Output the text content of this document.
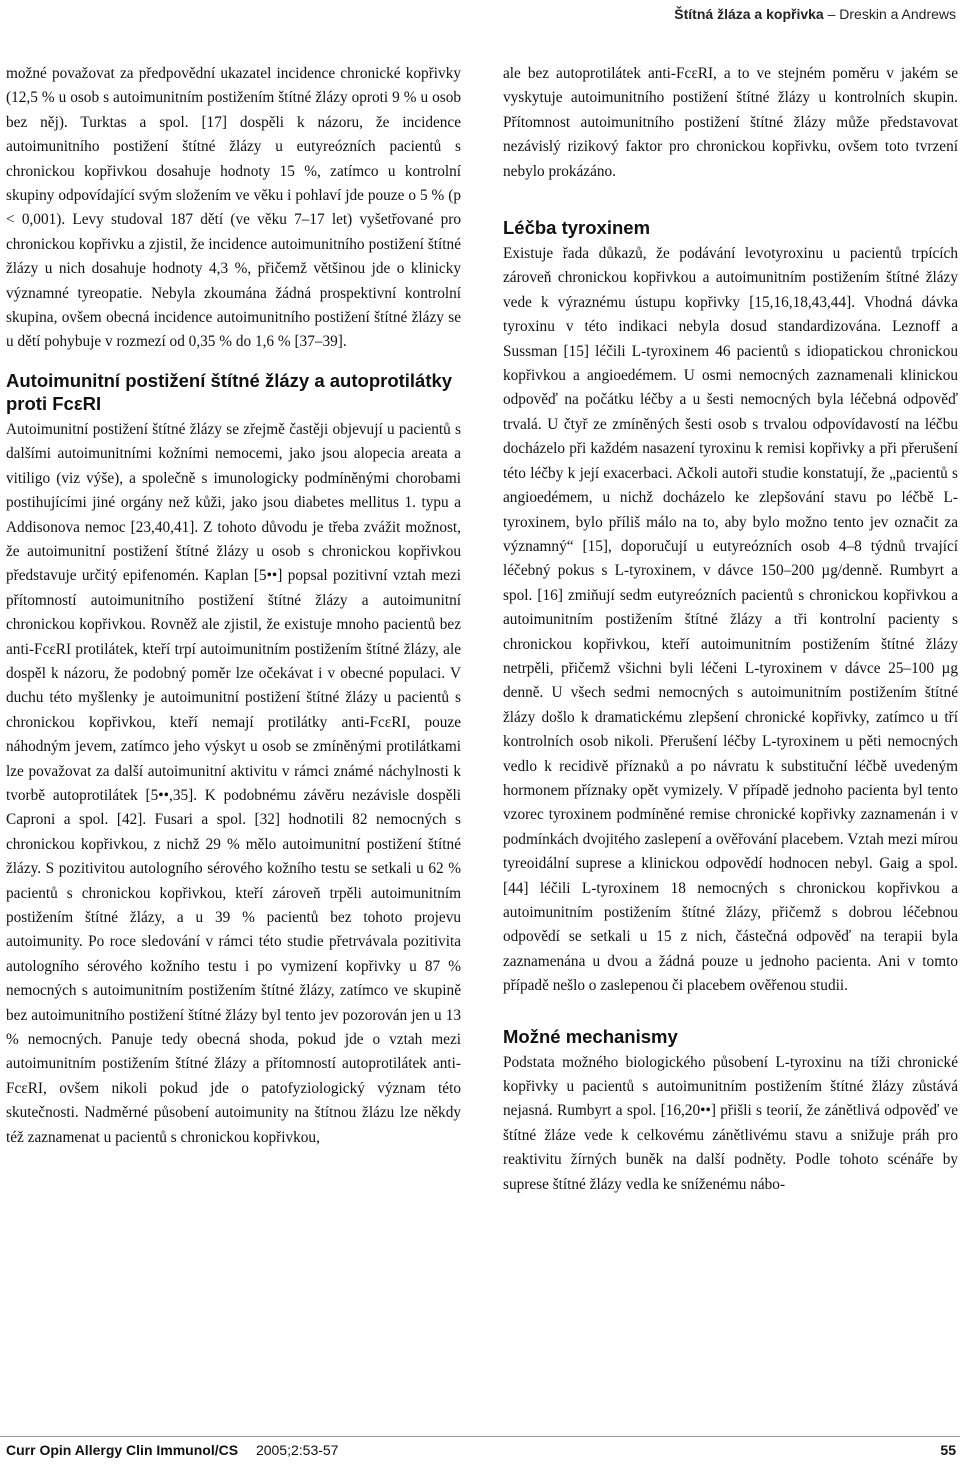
Štítná žláza a kopřivka – Dreskin a Andrews

možné považovat za předpovědní ukazatel incidence chronické kopřivky (12,5 % u osob s autoimunitním postižením štítné žlázy oproti 9 % u osob bez něj). Turktas a spol. [17] dospěli k názoru, že incidence autoimunitního postižení štítné žlázy u eutyreózních pacientů s chronickou kopřivkou dosahuje hodnoty 15 %, zatímco u kontrolní skupiny odpovídající svým složením ve věku i pohlaví jde pouze o 5 % (p < 0,001). Levy studoval 187 dětí (ve věku 7–17 let) vyšetřované pro chronickou kopřivku a zjistil, že incidence autoimunitního postižení štítné žlázy u nich dosahuje hodnoty 4,3 %, přičemž většinou jde o klinicky významné tyreopatie. Nebyla zkoumána žádná prospektivní kontrolní skupina, ovšem obecná incidence autoimunitního postižení štítné žlázy se u dětí pohybuje v rozmezí od 0,35 % do 1,6 % [37–39].

Autoimunitní postižení štítné žlázy a autoprotilátky proti FcεRI

Autoimunitní postižení štítné žlázy se zřejmě častěji objevují u pacientů s dalšími autoimunitními kožními nemocemi, jako jsou alopecia areata a vitiligo (viz výše), a společně s imunologicky podmíněnými chorobami postihujícími jiné orgány než kůži, jako jsou diabetes mellitus 1. typu a Addisonova nemoc [23,40,41]. Z tohoto důvodu je třeba zvážit možnost, že autoimunitní postižení štítné žlázy u osob s chronickou kopřivkou představuje určitý epifenomén. Kaplan [5••] popsal pozitivní vztah mezi přítomností autoimunitního postižení štítné žlázy a autoimunitní chronickou kopřivkou. Rovněž ale zjistil, že existuje mnoho pacientů bez anti-FcεRI protilátek, kteří trpí autoimunitním postižením štítné žlázy, ale dospěl k názoru, že podobný poměr lze očekávat i v obecné populaci. V duchu této myšlenky je autoimunitní postižení štítné žlázy u pacientů s chronickou kopřivkou, kteří nemají protilátky anti-FcεRI, pouze náhodným jevem, zatímco jeho výskyt u osob se zmíněnými protilátkami lze považovat za další autoimunitní aktivitu v rámci známé náchylnosti k tvorbě autoprotilátek [5••,35]. K podobnému závěru nezávisle dospěli Caproni a spol. [42]. Fusari a spol. [32] hodnotili 82 nemocných s chronickou kopřivkou, z nichž 29 % mělo autoimunitní postižení štítné žlázy. S pozitivitou autologního sérového kožního testu se setkali u 62 % pacientů s chronickou kopřivkou, kteří zároveň trpěli autoimunitním postižením štítné žlázy, a u 39 % pacientů bez tohoto projevu autoimunity. Po roce sledování v rámci této studie přetrvávala pozitivita autologního sérového kožního testu i po vymizení kopřivky u 87 % nemocných s autoimunitním postižením štítné žlázy, zatímco ve skupině bez autoimunitního postižení štítné žlázy byl tento jev pozorován jen u 13 % nemocných. Panuje tedy obecná shoda, pokud jde o vztah mezi autoimunitním postižením štítné žlázy a přítomností autoprotilátek anti-FcεRI, ovšem nikoli pokud jde o patofyziologický význam této skutečnosti. Nadměrné působení autoimunity na štítnou žlázu lze někdy též zaznamenat u pacientů s chronickou kopřivkou,

ale bez autoprotilátek anti-FcεRI, a to ve stejném poměru v jakém se vyskytuje autoimunitního postižení štítné žlázy u kontrolních skupin. Přítomnost autoimunitního postižení štítné žlázy může představovat nezávislý rizikový faktor pro chronickou kopřivku, ovšem toto tvrzení nebylo prokázáno.

Léčba tyroxinem

Existuje řada důkazů, že podávání levotyroxinu u pacientů trpících zároveň chronickou kopřivkou a autoimunitním postižením štítné žlázy vede k výraznému ústupu kopřivky [15,16,18,43,44]. Vhodná dávka tyroxinu v této indikaci nebyla dosud standardizována. Leznoff a Sussman [15] léčili L-tyroxinem 46 pacientů s idiopatickou chronickou kopřivkou a angioedémem. U osmi nemocných zaznamenali klinickou odpověď na počátku léčby a u šesti nemocných byla léčebná odpověď trvalá. U čtyř ze zmíněných šesti osob s trvalou odpovídavostí na léčbu docházelo při každém nasazení tyroxinu k remisi kopřivky a při přerušení této léčby k její exacerbaci. Ačkoli autoři studie konstatují, že „pacientů s angioedémem, u nichž docházelo ke zlepšování stavu po léčbě L-tyroxinem, bylo příliš málo na to, aby bylo možno tento jev označit za významný“ [15], doporučují u eutyreózních osob 4–8 týdnů trvající léčebný pokus s L-tyroxinem, v dávce 150–200 µg/denně. Rumbyrt a spol. [16] zmiňují sedm eutyreózních pacientů s chronickou kopřivkou a autoimunitním postižením štítné žlázy a tři kontrolní pacienty s chronickou kopřivkou, kteří autoimunitním postižením štítné žlázy netrpěli, přičemž všichni byli léčeni L-tyroxinem v dávce 25–100 µg denně. U všech sedmi nemocných s autoimunitním postižením štítné žlázy došlo k dramatickému zlepšení chronické kopřivky, zatímco u tří kontrolních osob nikoli. Přerušení léčby L-tyroxinem u pěti nemocných vedlo k recidivě příznaků a po návratu k substituční léčbě uvedeným hormonem příznaky opět vymizely. V případě jednoho pacienta byl tento vzorec tyroxinem podmíněné remise chronické kopřivky zaznamenán i v podmínkách dvojitého zaslepení a ověřování placebem. Vztah mezi mírou tyreoidální suprese a klinickou odpovědí hodnocen nebyl. Gaig a spol. [44] léčili L-tyroxinem 18 nemocných s chronickou kopřivkou a autoimunitním postižením štítné žlázy, přičemž s dobrou léčebnou odpovědí se setkali u 15 z nich, částečná odpověď na terapii byla zaznamenána u dvou a žádná pouze u jednoho pacienta. Ani v tomto případě nešlo o zaslepenou či placebem ověřenou studii.

Možné mechanismy

Podstata možného biologického působení L-tyroxinu na tíži chronické kopřivky u pacientů s autoimunitním postižením štítné žlázy zůstává nejasná. Rumbyrt a spol. [16,20••] přišli s teorií, že zánětlivá odpověď ve štítné žláze vede k celkovému zánětlivému stavu a snižuje práh pro reaktivitu žírných buněk na další podněty. Podle tohoto scénáře by suprese štítné žlázy vedla ke sníženému nábo-

Curr Opin Allergy Clin Immunol/CS 2005;2:53-57	55
